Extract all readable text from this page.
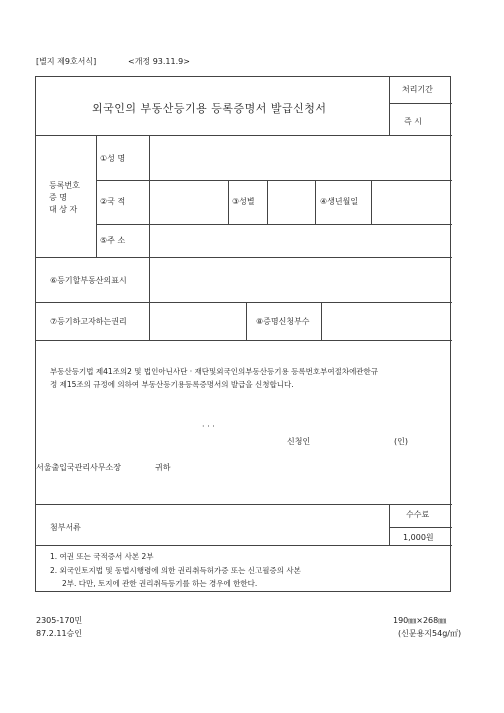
[별지 제9호서식]	<개정 93.11.9>
외국인의 부동산등기용 등록증명서 발급신청서
처리기간
즉 시
등록번호
증 명
대 상 자
①성 명
②국 적	③성별	④생년월일
⑤주 소
⑥등기할부동산의표시
⑦등기하고자하는권리	⑧증명신청부수
부동산등기법 제41조의2 및 법인아닌사단 · 재단및외국인의부동산등기용 등록번호부여절차에관한규
정 제15조의 규정에 의하여 부동산등기용등록증명서의 발급을 신청합니다.
· · ·
신청인	(인)
서울출입국관리사무소장	귀하
첨부서류
수수료
1,000원
1. 여권 또는 국적증서 사본 2부
2. 외국인토지법 및 동법시행령에 의한 권리취득허가증 또는 신고필증의 사본
2부. 다만, 토지에 관한 권리취득등기를 하는 경우에 한한다.
2305-170민
87.2.11승인
190㎜×268㎜
(신문용지54g/㎡)
